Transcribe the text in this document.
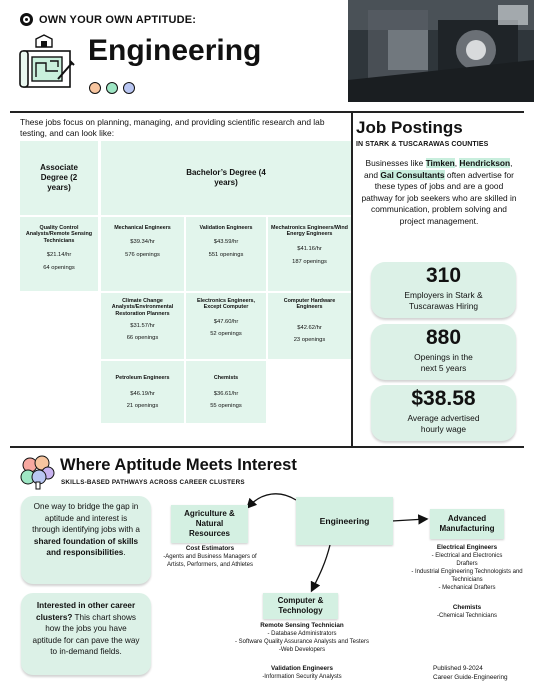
OWN YOUR OWN APTITUDE:
Engineering
These jobs focus on planning, managing, and providing scientific research and lab testing, and can look like:
Associate Degree (2 years)
Bachelor’s Degree (4 years)
Quality Control Analysts/Remote Sensing Technicians
$21.14/hr
64 openings
Mechanical Engineers
$39.34/hr
576 openings
Validation Engineers
$43.59/hr
551 openings
Mechatronics Engineers/Wind Energy Engineers
$41.16/hr
187 openings
Climate Change Analysts/Environmental Restoration Planners
$31.57/hr
66 openings
Electronics Engineers, Except Computer
$47.60/hr
52 openings
Computer Hardware Engineers
$42.62/hr
23 openings
Petroleum Engineers
$46.19/hr
21 openings
Chemists
$36.61/hr
55 openings
Job Postings
IN STARK & TUSCARAWAS COUNTIES
Businesses like Timken, Hendrickson, and Gal Consultants often advertise for these types of jobs and are a good pathway for job seekers who are skilled in communication, problem solving and project management.
310
Employers in Stark & Tuscarawas Hiring
880
Openings in the next 5 years
$38.58
Average advertised hourly wage
Where Aptitude Meets Interest
SKILLS-BASED PATHWAYS ACROSS CAREER CLUSTERS
One way to bridge the gap in aptitude and interest is through identifying jobs with a shared foundation of skills and responsibilities.
Interested in other career clusters? This chart shows how the jobs you have aptitude for can pave the way to in-demand fields.
Engineering
Agriculture & Natural Resources
Cost Estimators
-Agents and Business Managers of Artists, Performers, and Athletes
Advanced Manufacturing
Electrical Engineers
- Electrical and Electronics Drafters
- Industrial Engineering Technologists and Technicians
- Mechanical Drafters
Chemists
-Chemical Technicians
Computer & Technology
Remote Sensing Technician
- Database Administrators
- Software Quality Assurance Analysts and Testers
-Web Developers
Validation Engineers
-Information Security Analysts
Published 9-2024
Career Guide-Engineering
